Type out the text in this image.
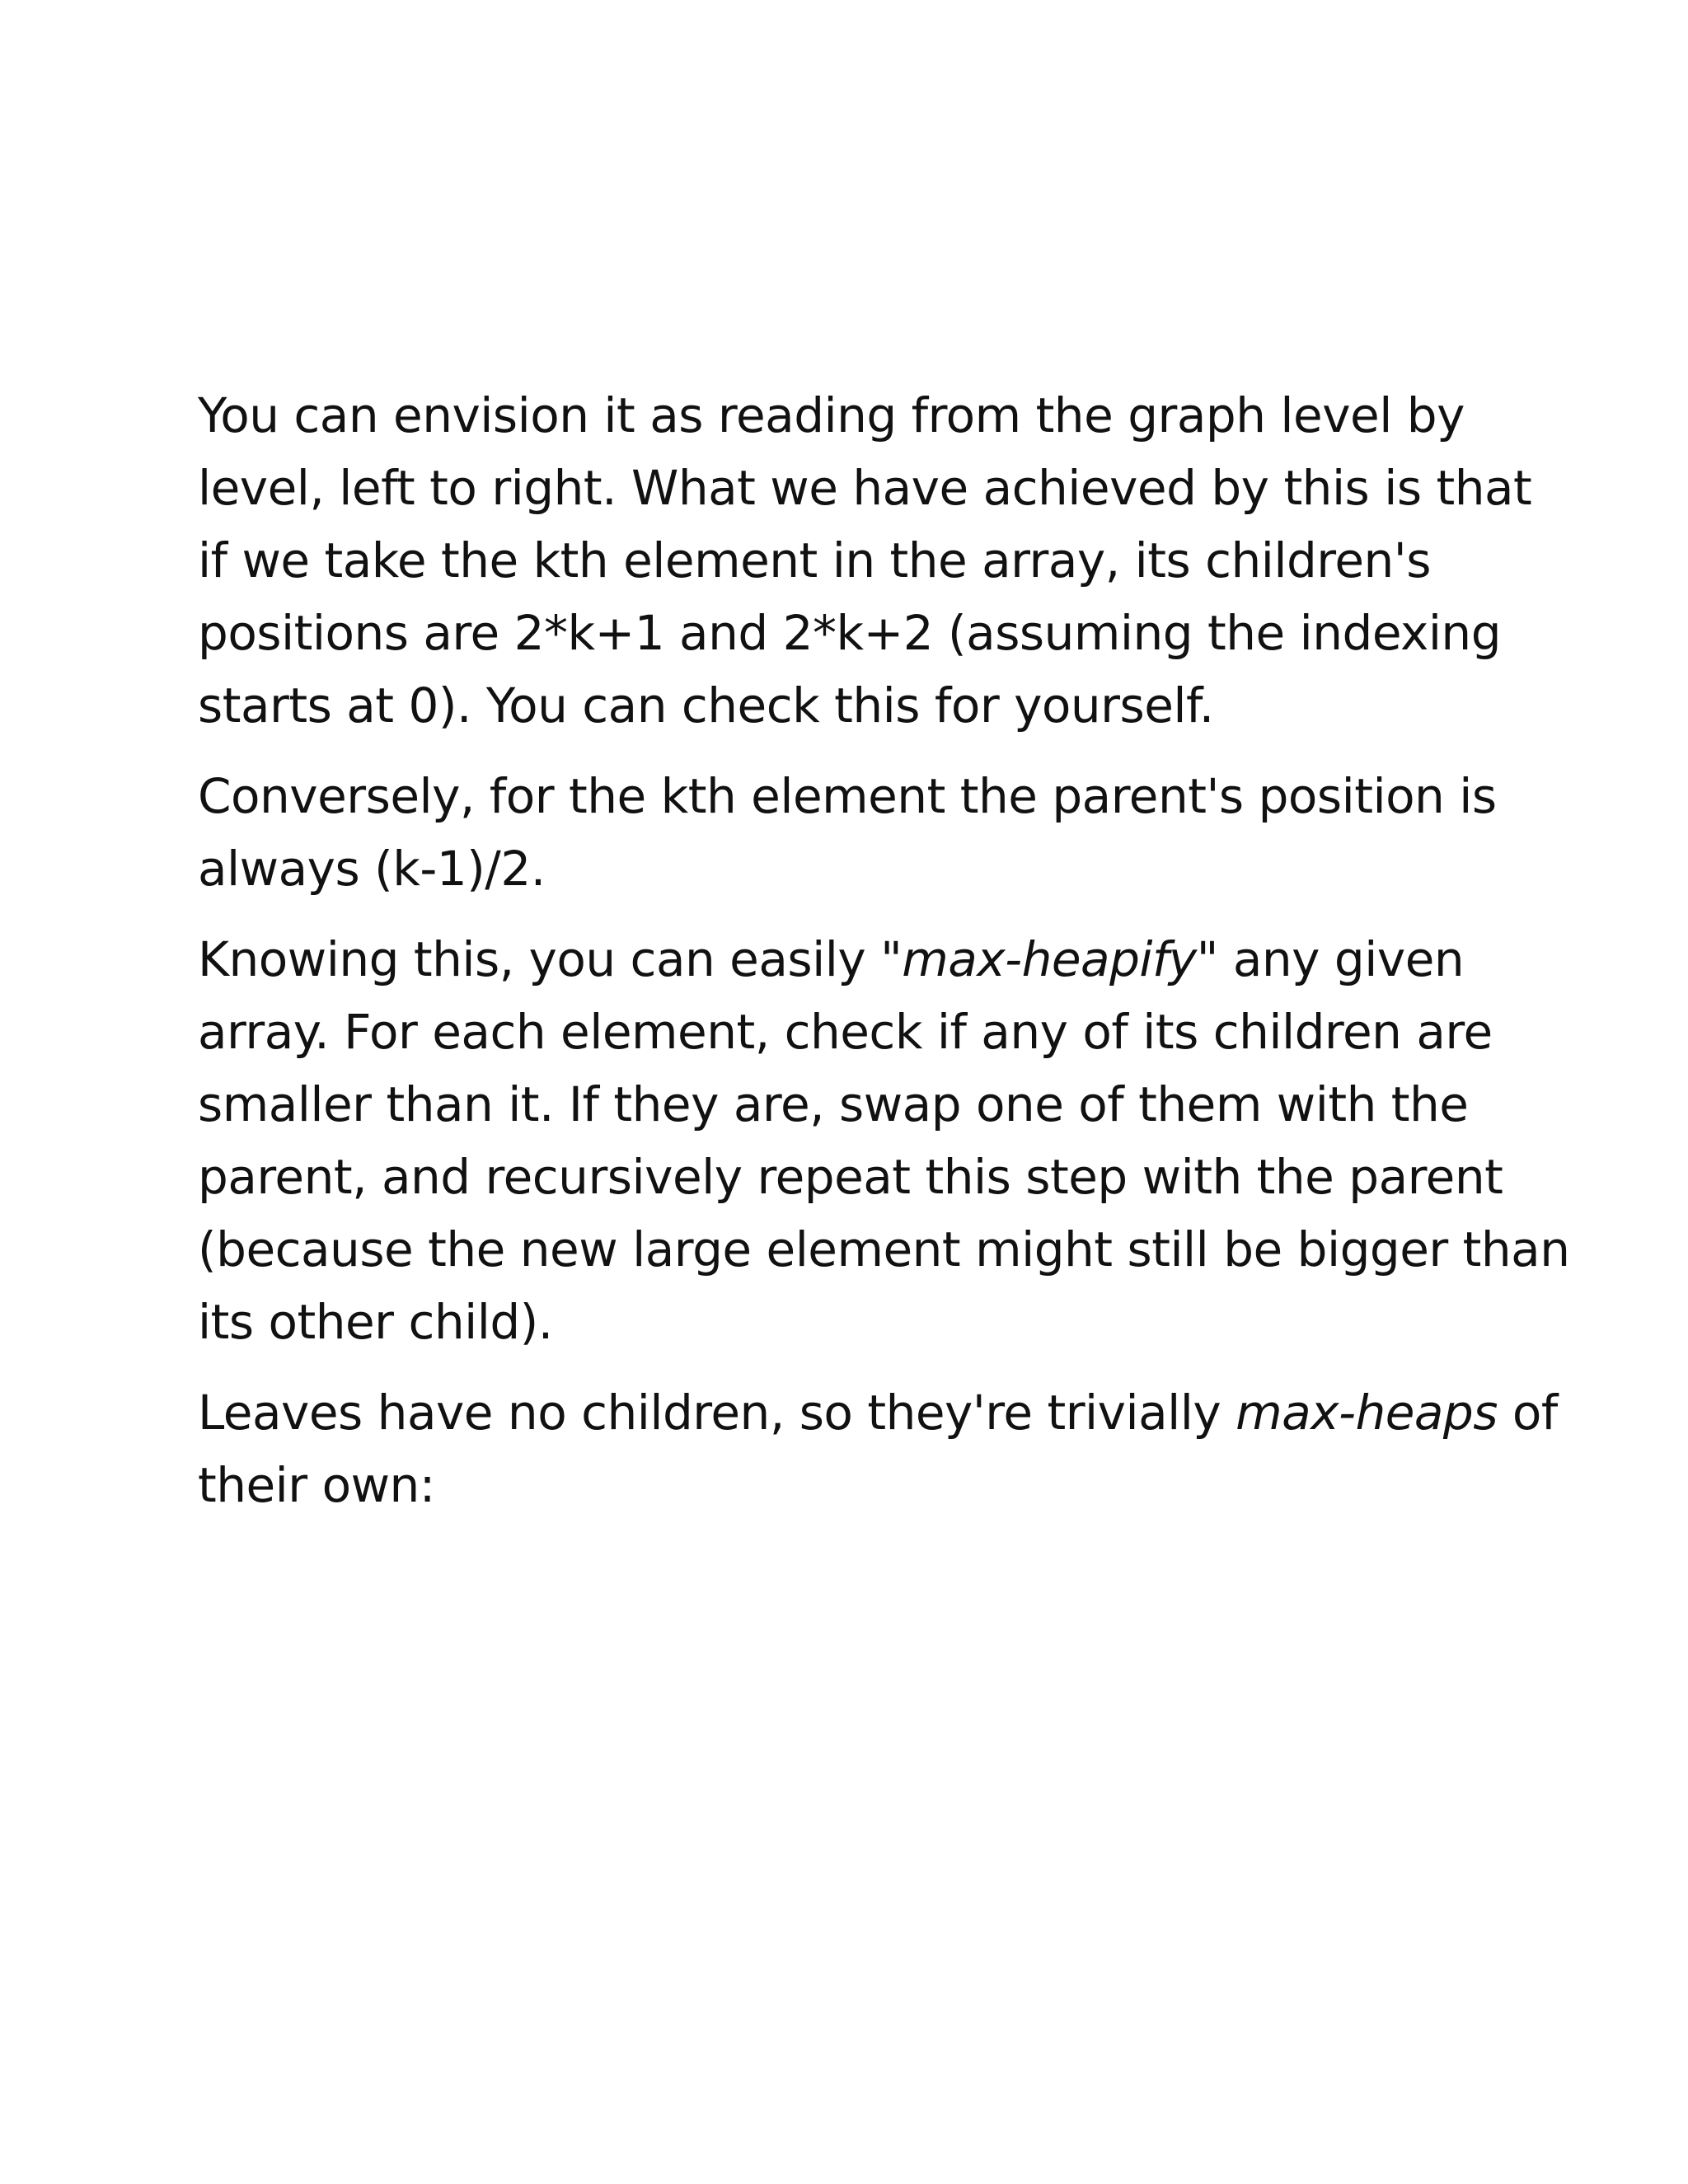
You can envision it as reading from the graph level by
level, left to right. What we have achieved by this is that
if we take the kth element in the array, its children's
positions are 2*k+1 and 2*k+2 (assuming the indexing
starts at 0). You can check this for yourself.
Conversely, for the kth element the parent's position is
always (k-1)/2.
Knowing this, you can easily "max-heapify" any given
array. For each element, check if any of its children are
smaller than it. If they are, swap one of them with the
parent, and recursively repeat this step with the parent
(because the new large element might still be bigger than
its other child).
Leaves have no children, so they're trivially max-heaps of
their own:
